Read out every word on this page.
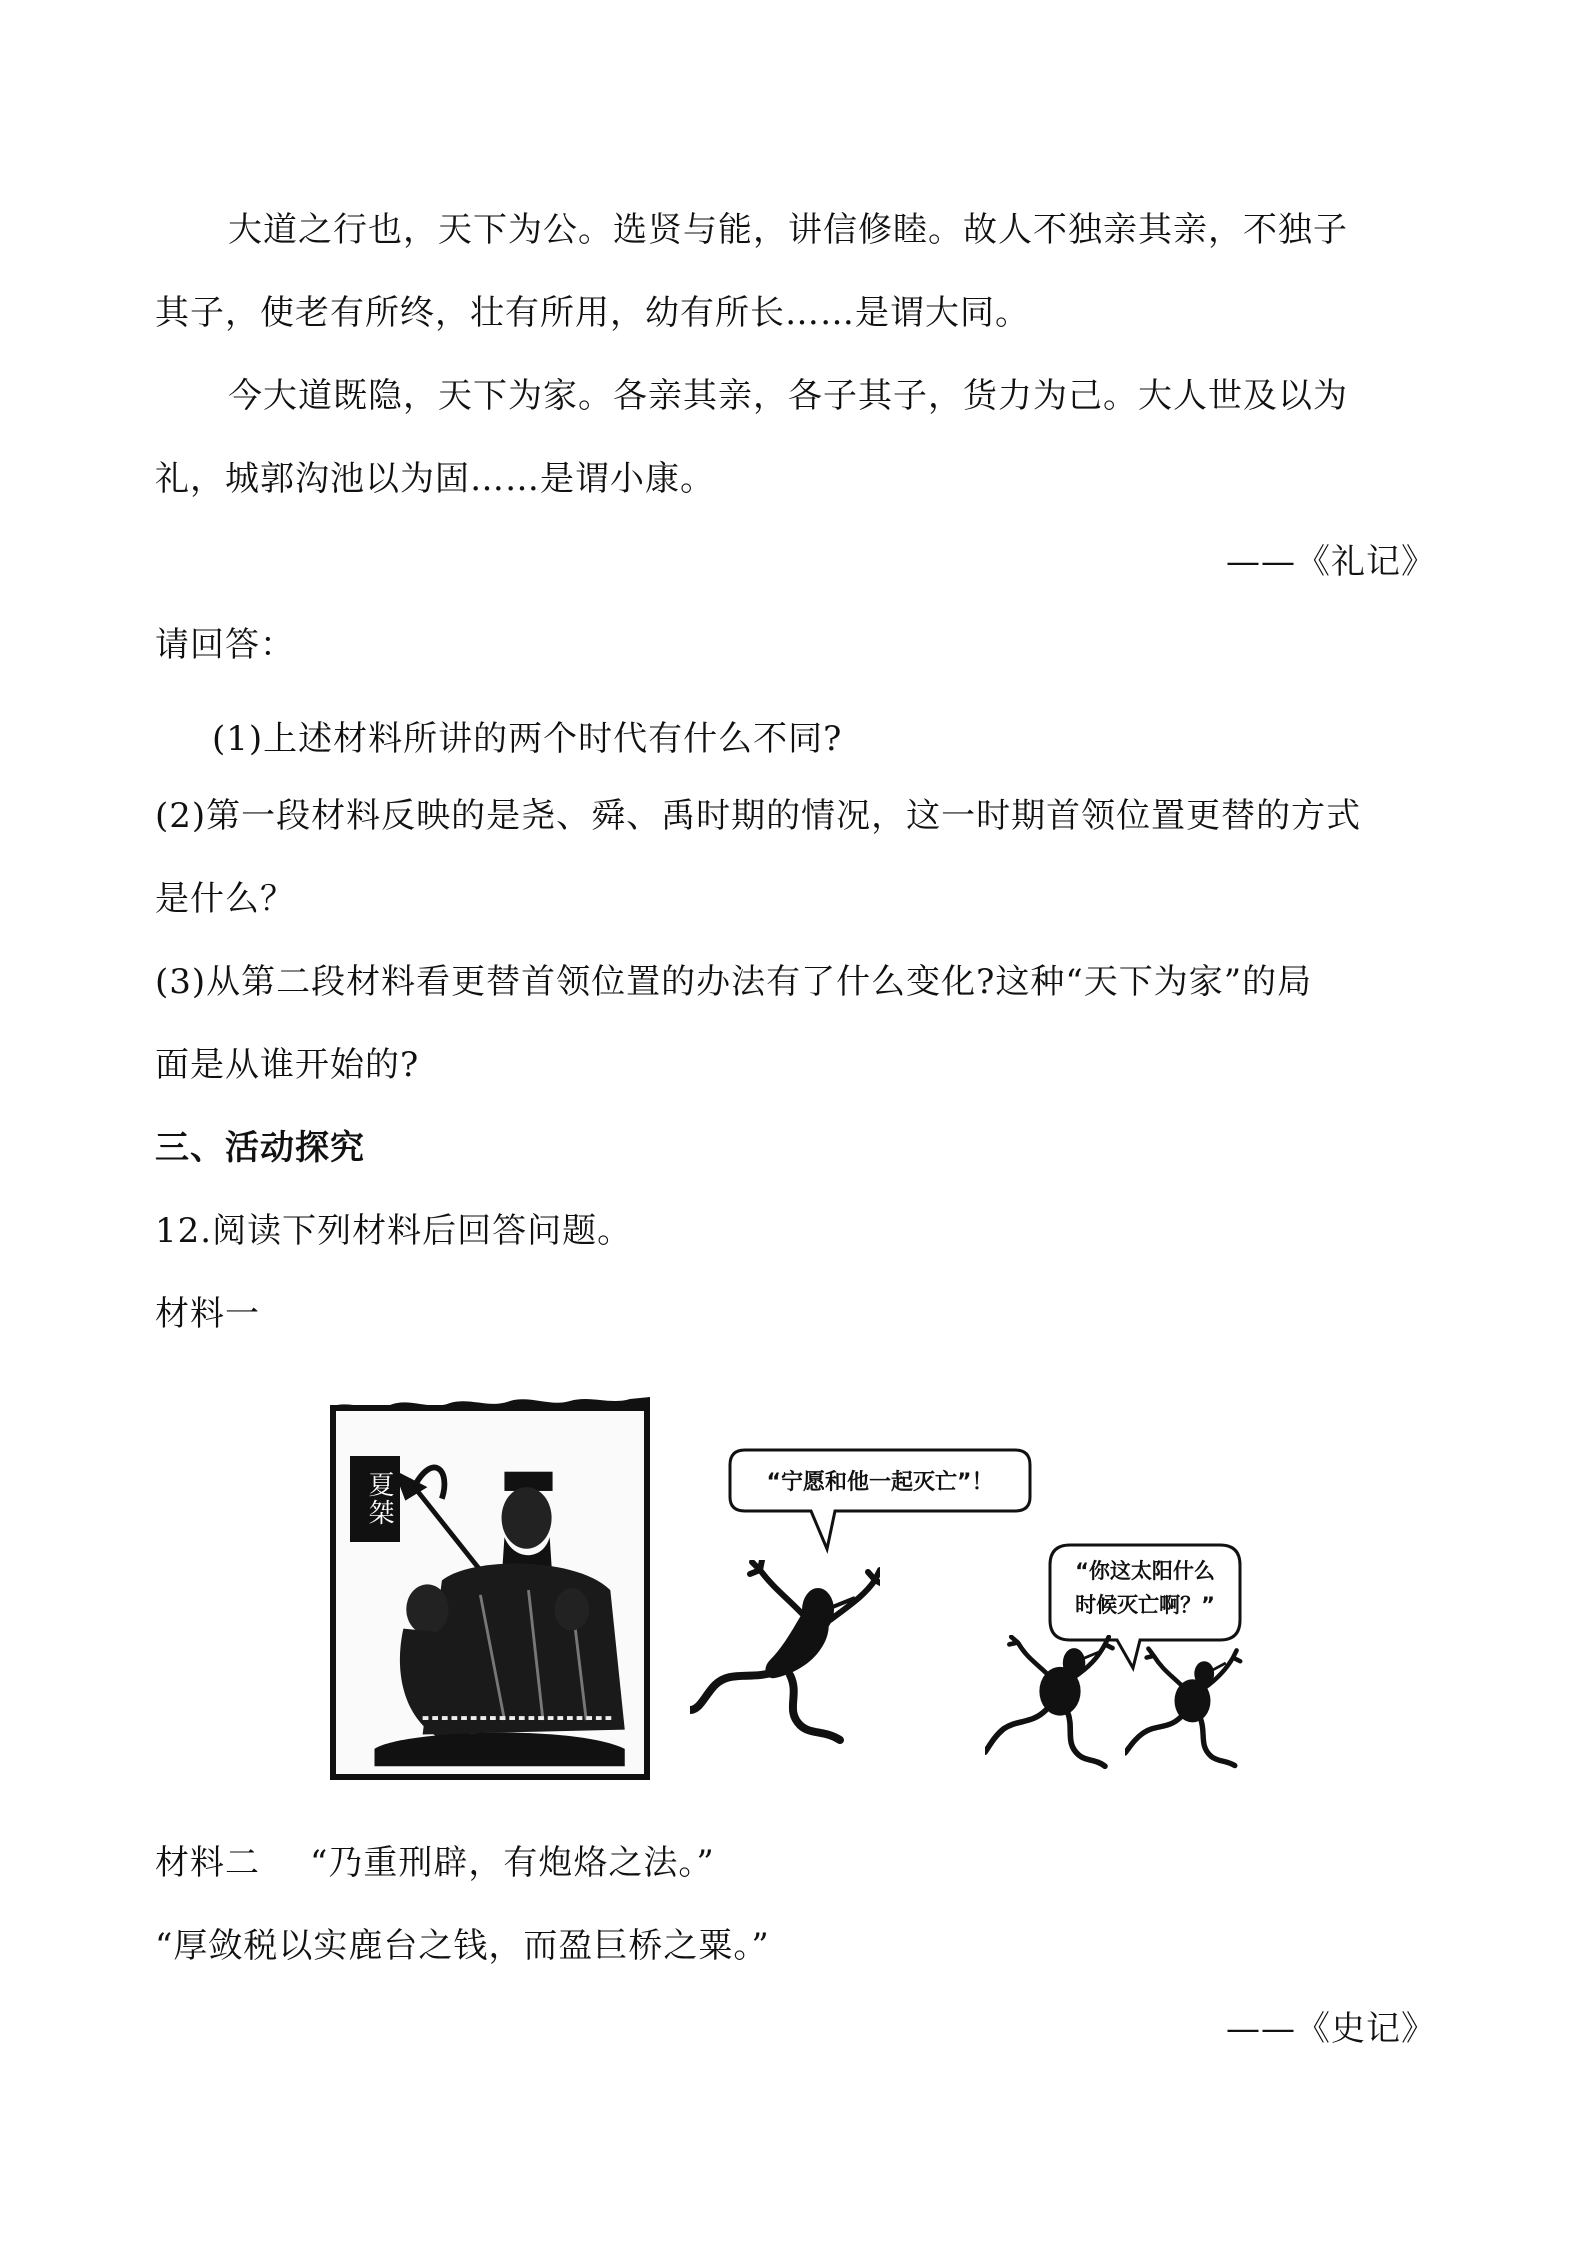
大道之行也，天下为公。选贤与能，讲信修睦。故人不独亲其亲，不独子
其子，使老有所终，壮有所用，幼有所长……是谓大同。
今大道既隐，天下为家。各亲其亲，各子其子，货力为己。大人世及以为
礼，城郭沟池以为固……是谓小康。
——《礼记》
请回答：
(1)上述材料所讲的两个时代有什么不同?
(2)第一段材料反映的是尧、舜、禹时期的情况，这一时期首领位置更替的方式
是什么？
(3)从第二段材料看更替首领位置的办法有了什么变化?这种“天下为家”的局
面是从谁开始的?
三、活动探究
12.阅读下列材料后回答问题。
材料一
夏桀	“宁愿和他一起灭亡”！
“你这太阳什么
时候灭亡啊？”
材料二 “乃重刑辟，有炮烙之法。”
“厚敛税以实鹿台之钱，而盈巨桥之粟。”
——《史记》
